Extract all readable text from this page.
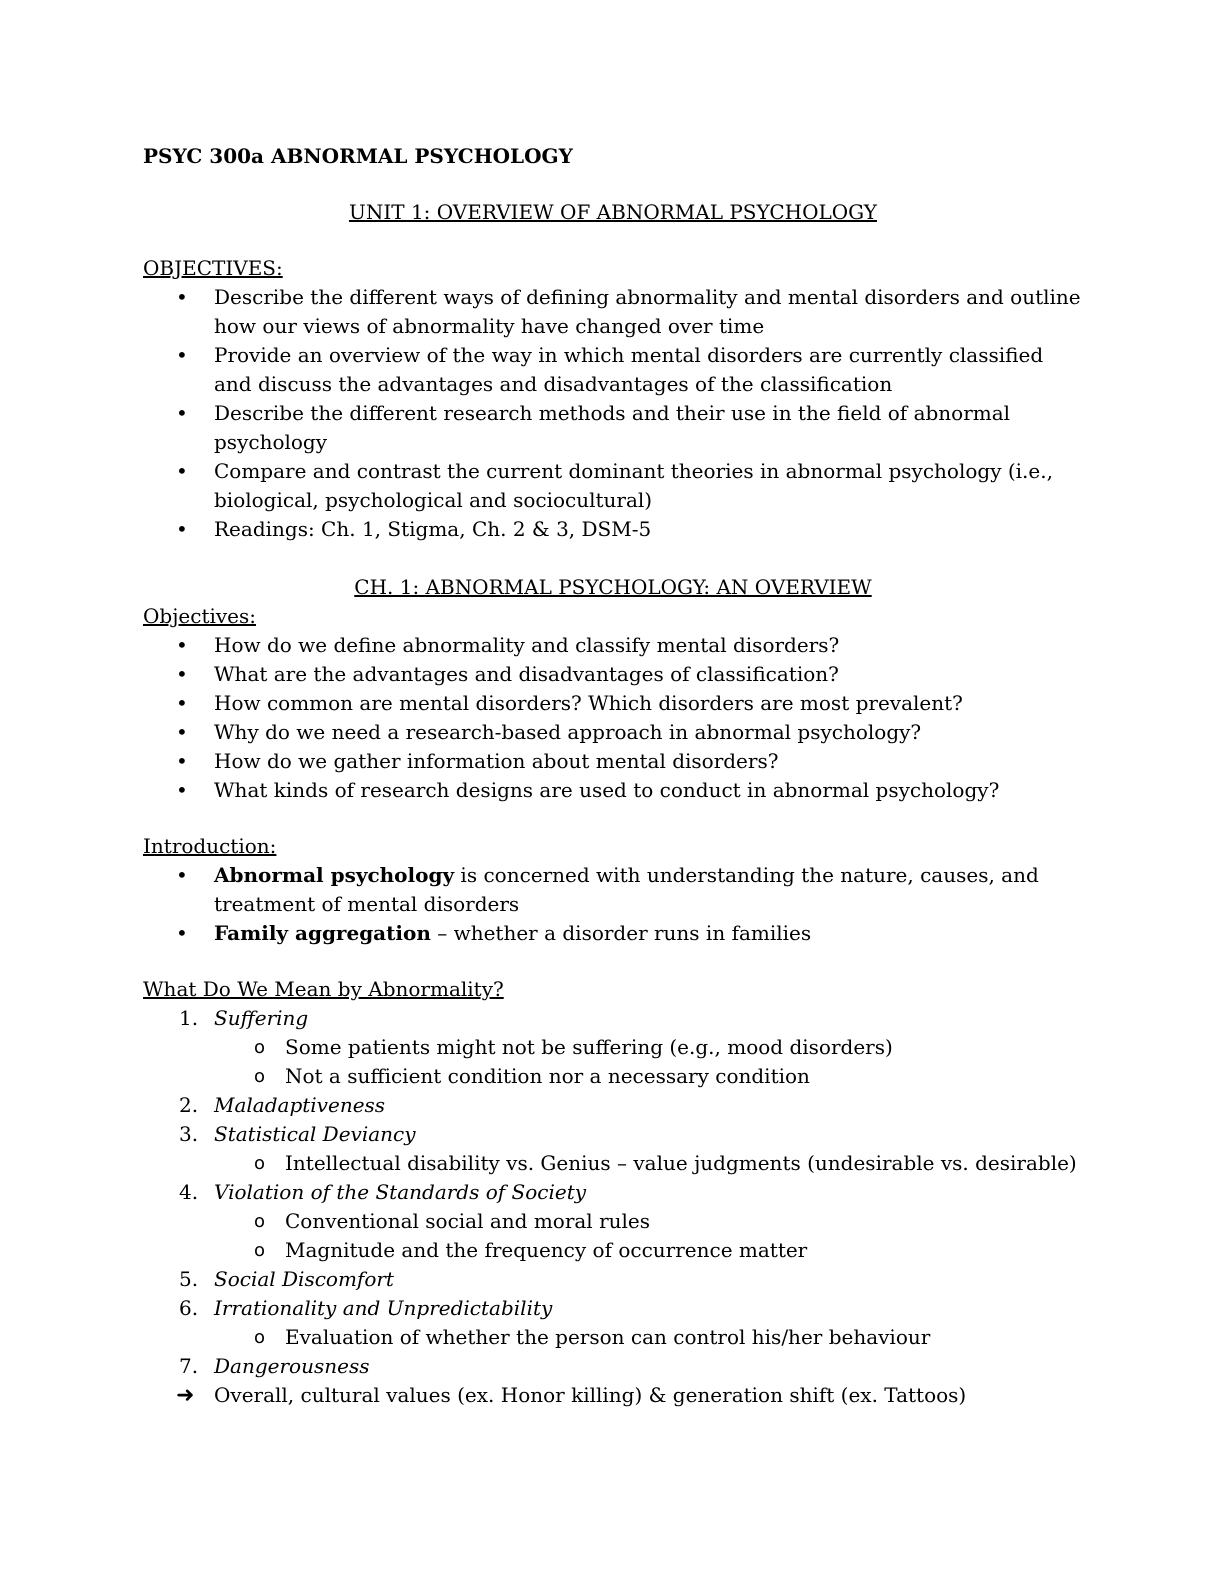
PSYC 300a ABNORMAL PSYCHOLOGY

UNIT 1: OVERVIEW OF ABNORMAL PSYCHOLOGY

OBJECTIVES:

• Describe the different ways of defining abnormality and mental disorders and outline how our views of abnormality have changed over time
• Provide an overview of the way in which mental disorders are currently classified and discuss the advantages and disadvantages of the classification
• Describe the different research methods and their use in the field of abnormal psychology
• Compare and contrast the current dominant theories in abnormal psychology (i.e., biological, psychological and sociocultural)
• Readings: Ch. 1, Stigma, Ch. 2 & 3, DSM-5

CH. 1: ABNORMAL PSYCHOLOGY: AN OVERVIEW

Objectives:

• How do we define abnormality and classify mental disorders?
• What are the advantages and disadvantages of classification?
• How common are mental disorders? Which disorders are most prevalent?
• Why do we need a research-based approach in abnormal psychology?
• How do we gather information about mental disorders?
• What kinds of research designs are used to conduct in abnormal psychology?

Introduction:

• Abnormal psychology is concerned with understanding the nature, causes, and treatment of mental disorders
• Family aggregation – whether a disorder runs in families

What Do We Mean by Abnormality?

1. Suffering
o Some patients might not be suffering (e.g., mood disorders)
o Not a sufficient condition nor a necessary condition
2. Maladaptiveness
3. Statistical Deviancy
o Intellectual disability vs. Genius – value judgments (undesirable vs. desirable)
4. Violation of the Standards of Society
o Conventional social and moral rules
o Magnitude and the frequency of occurrence matter
5. Social Discomfort
6. Irrationality and Unpredictability
o Evaluation of whether the person can control his/her behaviour
7. Dangerousness
➜ Overall, cultural values (ex. Honor killing) & generation shift (ex. Tattoos)
